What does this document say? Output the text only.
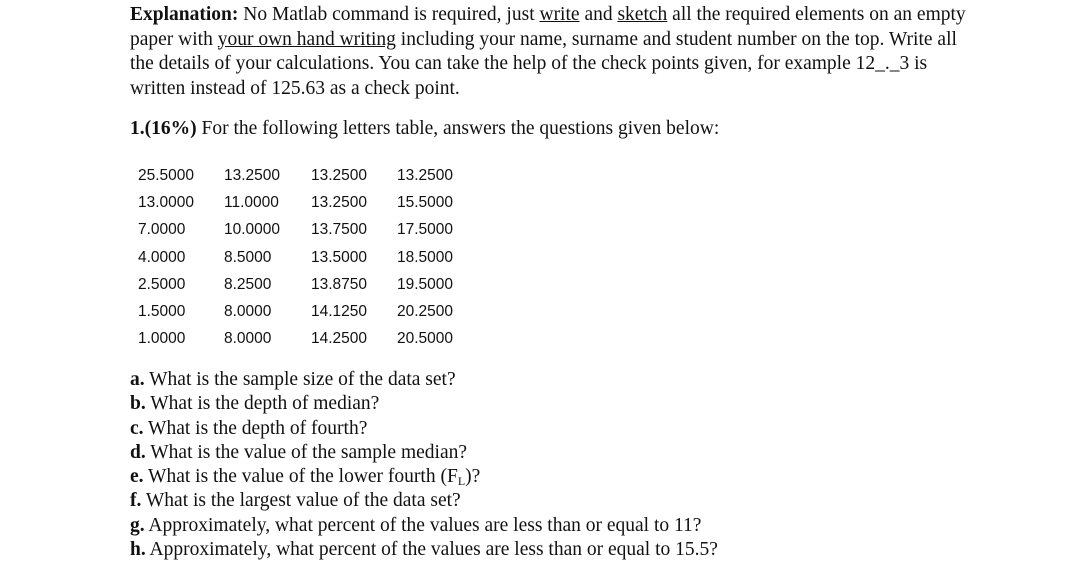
Explanation: No Matlab command is required, just write and sketch all the required elements on an empty paper with your own hand writing including your name, surname and student number on the top. Write all the details of your calculations. You can take the help of the check points given, for example 12_._3 is written instead of 125.63 as a check point.

1.(16%) For the following letters table, answers the questions given below:

25.5000	13.2500	13.2500	13.2500
13.0000	11.0000	13.2500	15.5000
7.0000	10.0000	13.7500	17.5000
4.0000	8.5000	13.5000	18.5000
2.5000	8.2500	13.8750	19.5000
1.5000	8.0000	14.1250	20.2500
1.0000	8.0000	14.2500	20.5000
a. What is the sample size of the data set?
b. What is the depth of median?
c. What is the depth of fourth?
d. What is the value of the sample median?
e. What is the value of the lower fourth $(F_L)$?
f. What is the largest value of the data set?
g. Approximately, what percent of the values are less than or equal to 11?
h. Approximately, what percent of the values are less than or equal to 15.5?
